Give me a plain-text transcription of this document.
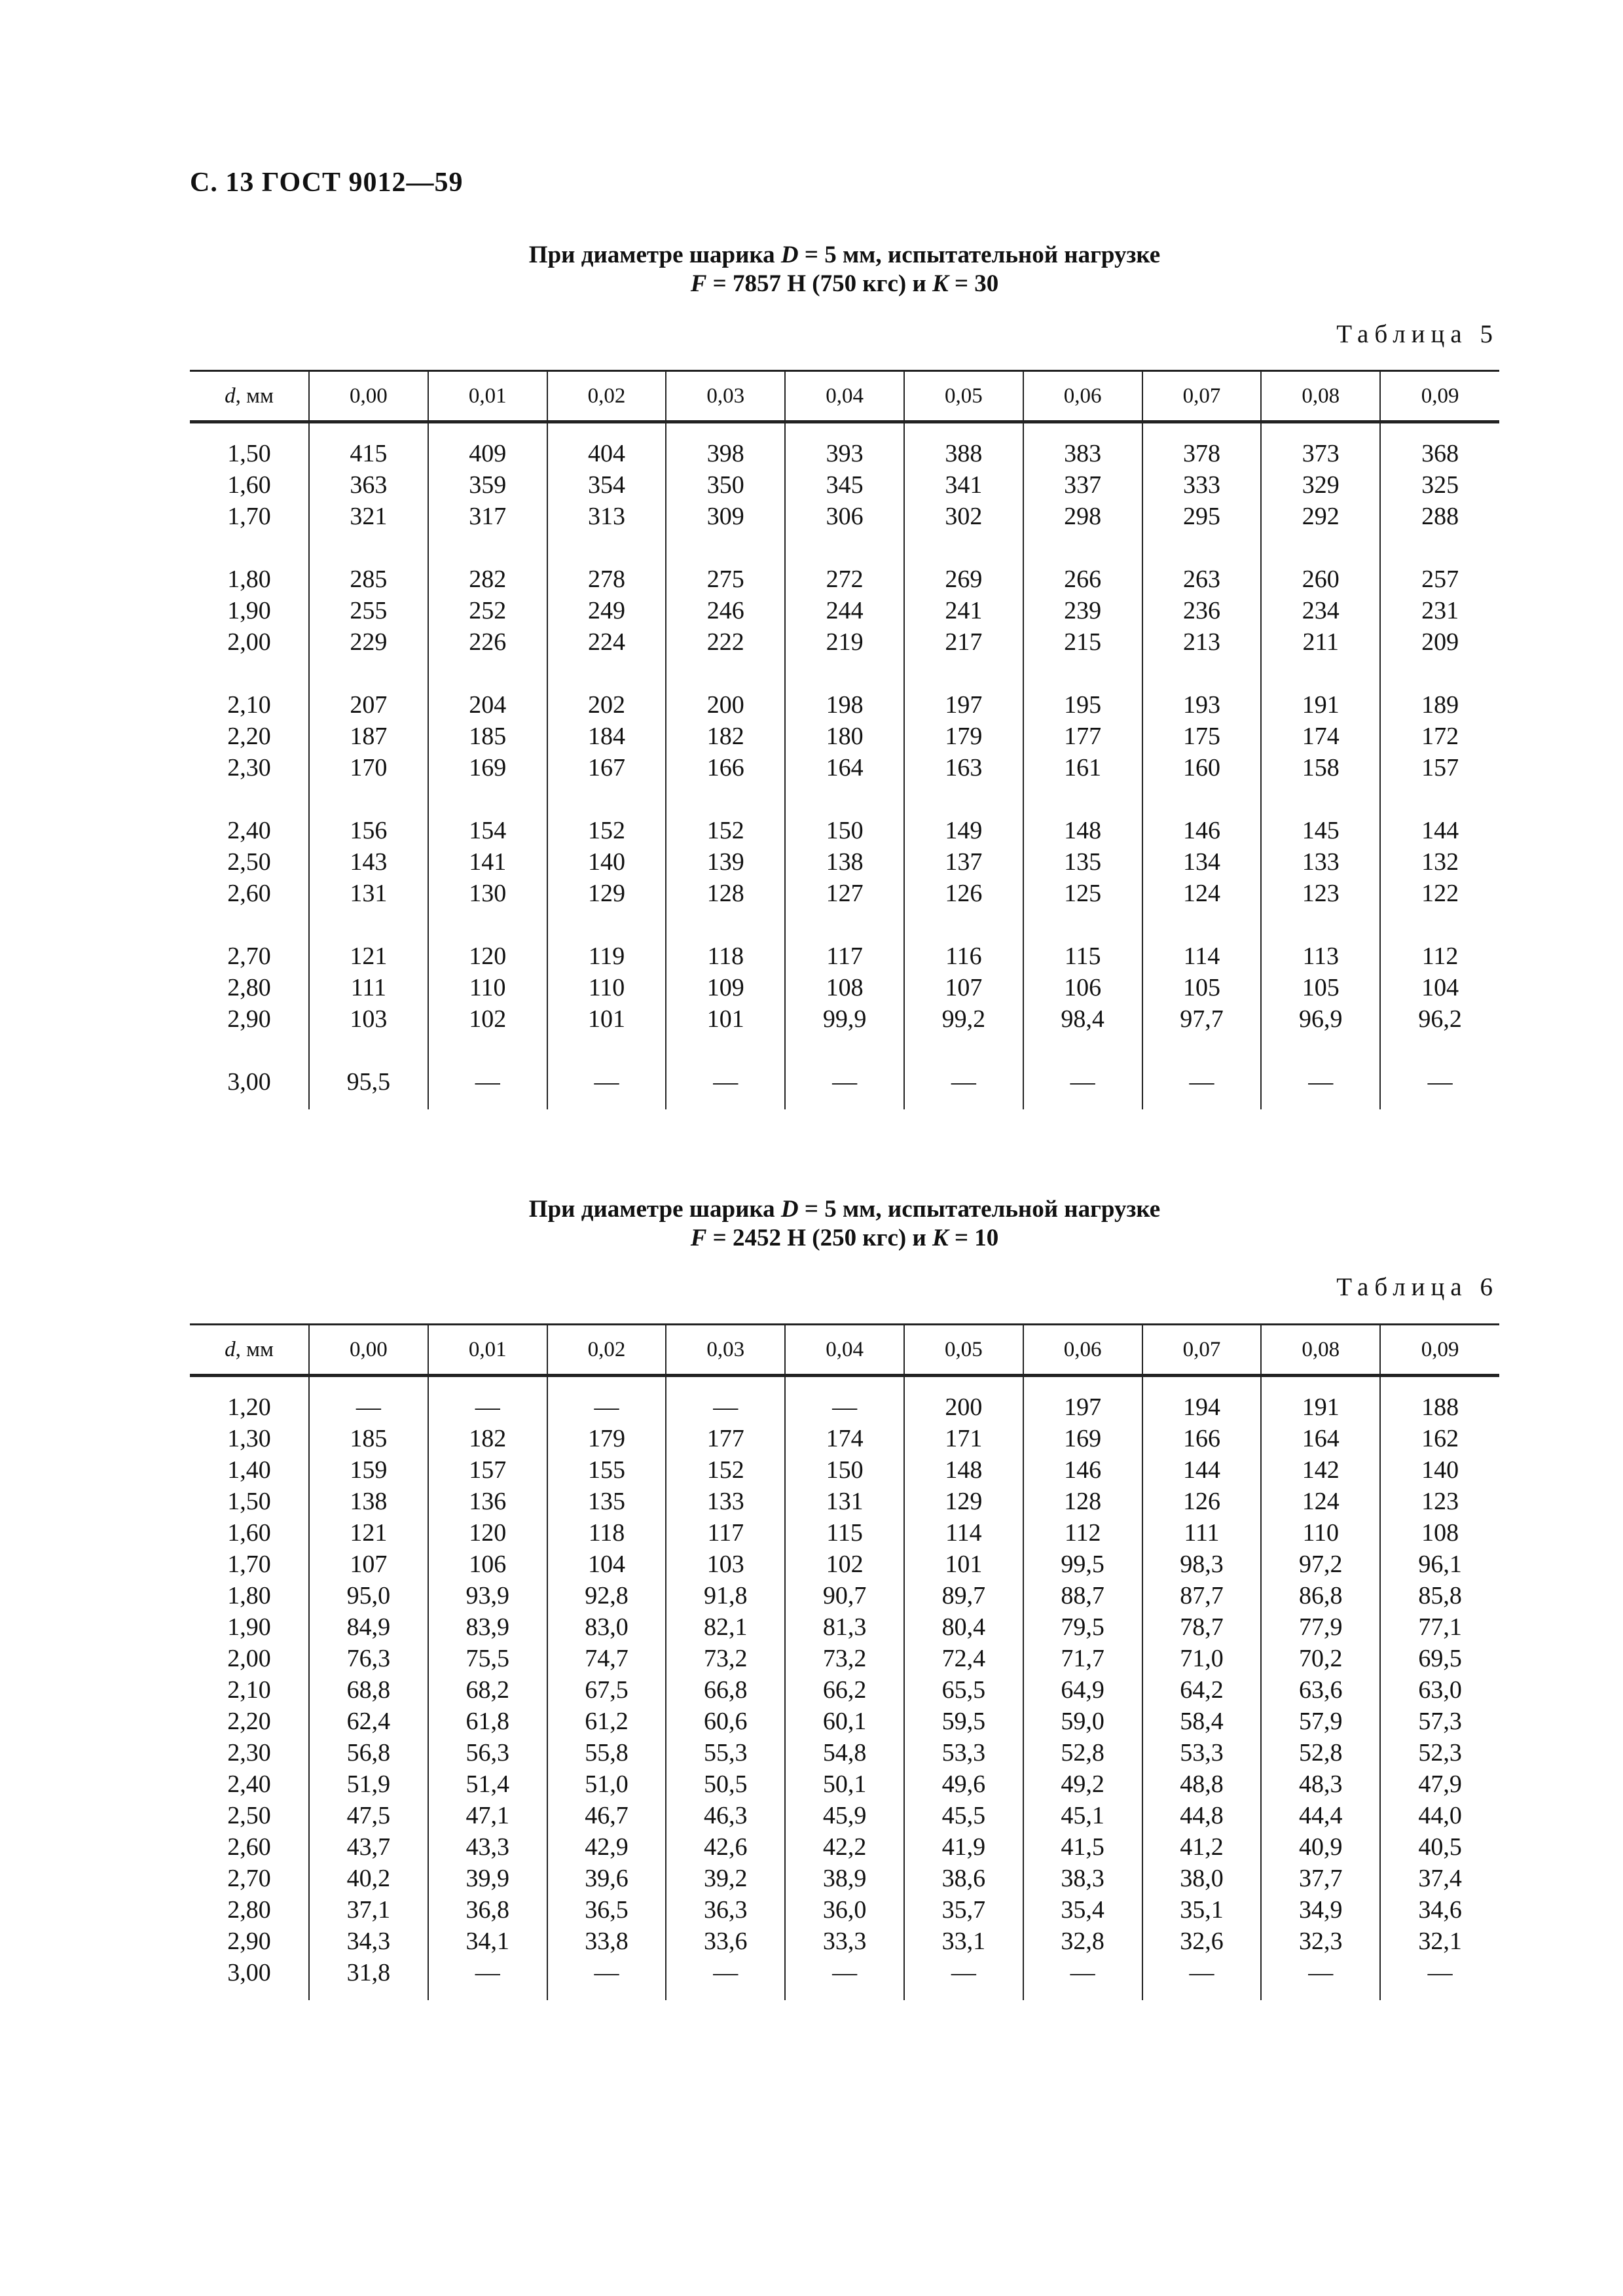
С. 13 ГОСТ 9012—59
При диаметре шарика D = 5 мм, испытательной нагрузке
F = 7857 Н (750 кгс) и K = 30
Таблица 5
d, мм	0,00	0,01	0,02	0,03	0,04	0,05	0,06	0,07	0,08	0,09

1,50	415	409	404	398	393	388	383	378	373	368
1,60	363	359	354	350	345	341	337	333	329	325
1,70	321	317	313	309	306	302	298	295	292	288

1,80	285	282	278	275	272	269	266	263	260	257
1,90	255	252	249	246	244	241	239	236	234	231
2,00	229	226	224	222	219	217	215	213	211	209

2,10	207	204	202	200	198	197	195	193	191	189
2,20	187	185	184	182	180	179	177	175	174	172
2,30	170	169	167	166	164	163	161	160	158	157

2,40	156	154	152	152	150	149	148	146	145	144
2,50	143	141	140	139	138	137	135	134	133	132
2,60	131	130	129	128	127	126	125	124	123	122

2,70	121	120	119	118	117	116	115	114	113	112
2,80	111	110	110	109	108	107	106	105	105	104
2,90	103	102	101	101	99,9	99,2	98,4	97,7	96,9	96,2

3,00	95,5	—	—	—	—	—	—	—	—	—

При диаметре шарика D = 5 мм, испытательной нагрузке
F = 2452 Н (250 кгс) и K = 10
Таблица 6
d, мм	0,00	0,01	0,02	0,03	0,04	0,05	0,06	0,07	0,08	0,09

1,20	—	—	—	—	—	200	197	194	191	188
1,30	185	182	179	177	174	171	169	166	164	162
1,40	159	157	155	152	150	148	146	144	142	140
1,50	138	136	135	133	131	129	128	126	124	123
1,60	121	120	118	117	115	114	112	111	110	108
1,70	107	106	104	103	102	101	99,5	98,3	97,2	96,1
1,80	95,0	93,9	92,8	91,8	90,7	89,7	88,7	87,7	86,8	85,8
1,90	84,9	83,9	83,0	82,1	81,3	80,4	79,5	78,7	77,9	77,1
2,00	76,3	75,5	74,7	73,2	73,2	72,4	71,7	71,0	70,2	69,5
2,10	68,8	68,2	67,5	66,8	66,2	65,5	64,9	64,2	63,6	63,0
2,20	62,4	61,8	61,2	60,6	60,1	59,5	59,0	58,4	57,9	57,3
2,30	56,8	56,3	55,8	55,3	54,8	53,3	52,8	53,3	52,8	52,3
2,40	51,9	51,4	51,0	50,5	50,1	49,6	49,2	48,8	48,3	47,9
2,50	47,5	47,1	46,7	46,3	45,9	45,5	45,1	44,8	44,4	44,0
2,60	43,7	43,3	42,9	42,6	42,2	41,9	41,5	41,2	40,9	40,5
2,70	40,2	39,9	39,6	39,2	38,9	38,6	38,3	38,0	37,7	37,4
2,80	37,1	36,8	36,5	36,3	36,0	35,7	35,4	35,1	34,9	34,6
2,90	34,3	34,1	33,8	33,6	33,3	33,1	32,8	32,6	32,3	32,1
3,00	31,8	—	—	—	—	—	—	—	—	—
